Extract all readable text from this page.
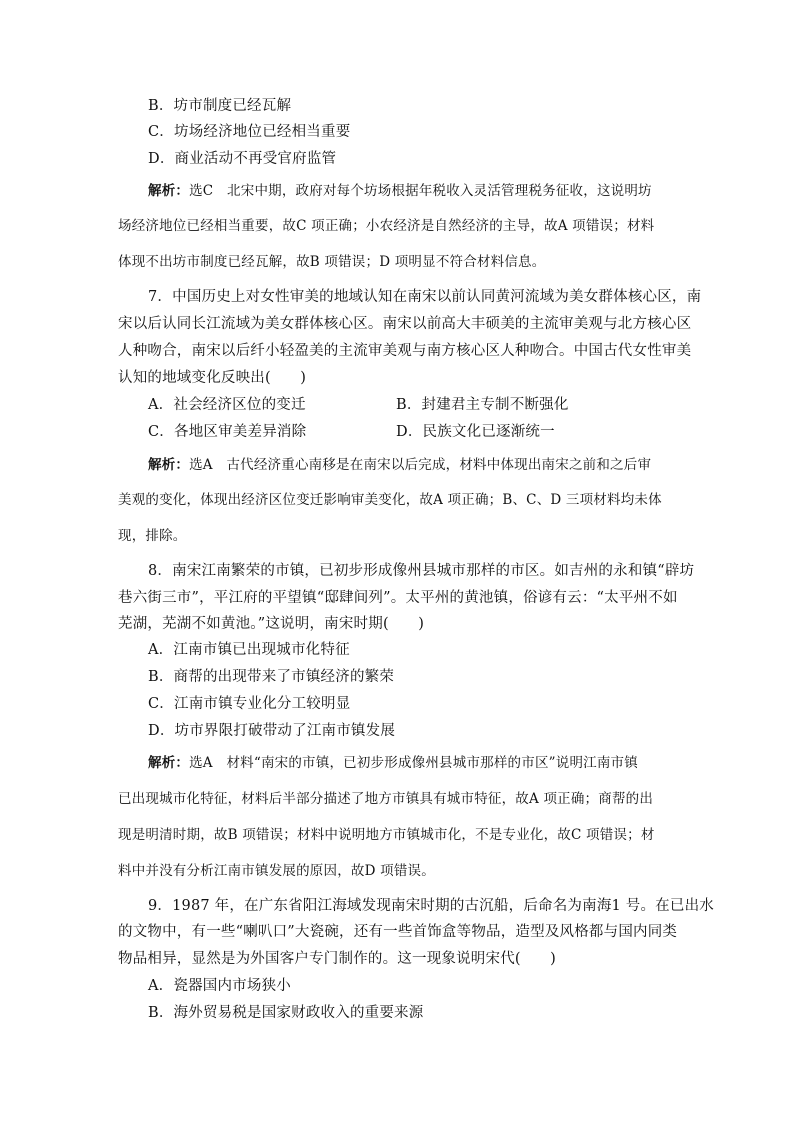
B．坊市制度已经瓦解
C．坊场经济地位已经相当重要
D．商业活动不再受官府监管
解析：选C　北宋中期，政府对每个坊场根据年税收入灵活管理税务征收，这说明坊
场经济地位已经相当重要，故C 项正确；小农经济是自然经济的主导，故A 项错误；材料
体现不出坊市制度已经瓦解，故B 项错误；D 项明显不符合材料信息。
7．中国历史上对女性审美的地域认知在南宋以前认同黄河流域为美女群体核心区，南
宋以后认同长江流域为美女群体核心区。南宋以前高大丰硕美的主流审美观与北方核心区
人种吻合，南宋以后纤小轻盈美的主流审美观与南方核心区人种吻合。中国古代女性审美
认知的地域变化反映出(　　)
A．社会经济区位的变迁	B．封建君主专制不断强化
C．各地区审美差异消除	D．民族文化已逐渐统一
解析：选A　古代经济重心南移是在南宋以后完成，材料中体现出南宋之前和之后审
美观的变化，体现出经济区位变迁影响审美变化，故A 项正确；B、C、D 三项材料均未体
现，排除。
8．南宋江南繁荣的市镇，已初步形成像州县城市那样的市区。如吉州的永和镇“辟坊
巷六街三市”，平江府的平望镇“邸肆间列”。太平州的黄池镇，俗谚有云：“太平州不如
芜湖，芜湖不如黄池。”这说明，南宋时期(　　)
A．江南市镇已出现城市化特征
B．商帮的出现带来了市镇经济的繁荣
C．江南市镇专业化分工较明显
D．坊市界限打破带动了江南市镇发展
解析：选A　材料“南宋的市镇，已初步形成像州县城市那样的市区”说明江南市镇
已出现城市化特征，材料后半部分描述了地方市镇具有城市特征，故A 项正确；商帮的出
现是明清时期，故B 项错误；材料中说明地方市镇城市化，不是专业化，故C 项错误；材
料中并没有分析江南市镇发展的原因，故D 项错误。
9．1987 年，在广东省阳江海域发现南宋时期的古沉船，后命名为南海1 号。在已出水
的文物中，有一些“喇叭口”大瓷碗，还有一些首饰盒等物品，造型及风格都与国内同类
物品相异，显然是为外国客户专门制作的。这一现象说明宋代(　　)
A．瓷器国内市场狭小
B．海外贸易税是国家财政收入的重要来源
